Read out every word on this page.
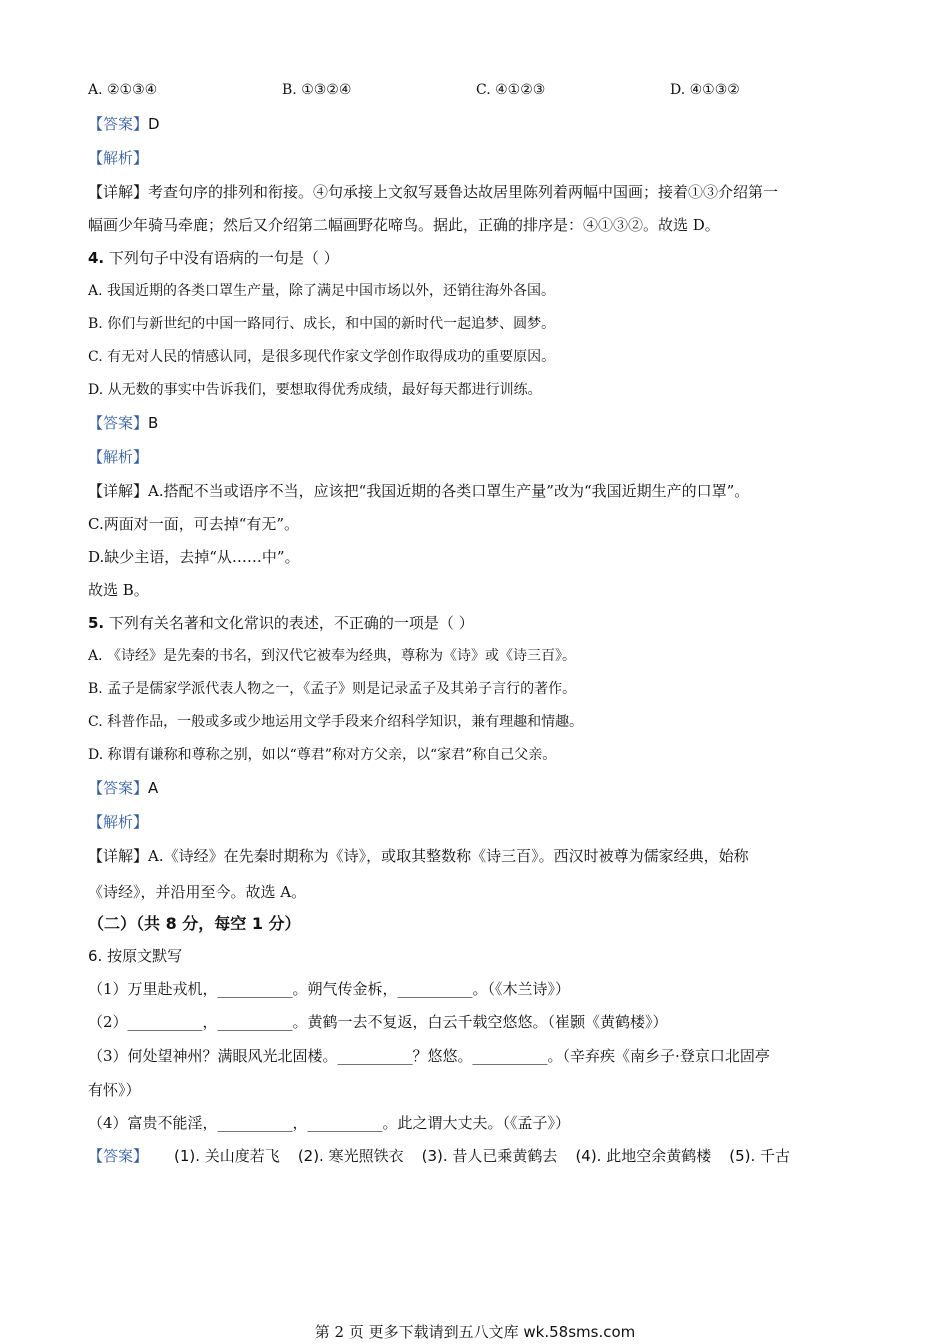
A. ②①③④	B. ①③②④	C. ④①②③	D. ④①③②

【答案】D

【解析】

【详解】考查句序的排列和衔接。④句承接上文叙写聂鲁达故居里陈列着两幅中国画；接着①③介绍第一

幅画少年骑马牵鹿；然后又介绍第二幅画野花啼鸟。据此，正确的排序是：④①③②。故选 D。

4. 下列句子中没有语病的一句是（ ）

A. 我国近期的各类口罩生产量，除了满足中国市场以外，还销往海外各国。

B. 你们与新世纪的中国一路同行、成长，和中国的新时代一起追梦、圆梦。

C. 有无对人民的情感认同，是很多现代作家文学创作取得成功的重要原因。

D. 从无数的事实中告诉我们，要想取得优秀成绩，最好每天都进行训练。

【答案】B

【解析】

【详解】A.搭配不当或语序不当，应该把“我国近期的各类口罩生产量”改为“我国近期生产的口罩”。

C.两面对一面，可去掉“有无”。

D.缺少主语，去掉“从……中”。

故选 B。

5. 下列有关名著和文化常识的表述，不正确的一项是（ ）

A. 《诗经》是先秦的书名，到汉代它被奉为经典，尊称为《诗》或《诗三百》。

B. 孟子是儒家学派代表人物之一，《孟子》则是记录孟子及其弟子言行的著作。

C. 科普作品，一般或多或少地运用文学手段来介绍科学知识，兼有理趣和情趣。

D. 称谓有谦称和尊称之别，如以“尊君”称对方父亲，以“家君”称自己父亲。

【答案】A

【解析】

【详解】A.《诗经》在先秦时期称为《诗》，或取其整数称《诗三百》。西汉时被尊为儒家经典，始称

《诗经》，并沿用至今。故选 A。

（二）（共 8 分，每空 1 分）

6. 按原文默写

（1）万里赴戎机，__________。朔气传金柝，__________。（《木兰诗》）

（2）__________，__________。黄鹤一去不复返，白云千载空悠悠。（崔颢《黄鹤楼》）

（3）何处望神州？满眼风光北固楼。__________？悠悠。__________。（辛弃疾《南乡子·登京口北固亭

有怀》）

（4）富贵不能淫，__________，__________。此之谓大丈夫。（《孟子》）

【答案】	(1). 关山度若飞 (2). 寒光照铁衣 (3). 昔人已乘黄鹤去 (4). 此地空余黄鹤楼 (5). 千古
第 2 页 更多下载请到五八文库 wk.58sms.com
